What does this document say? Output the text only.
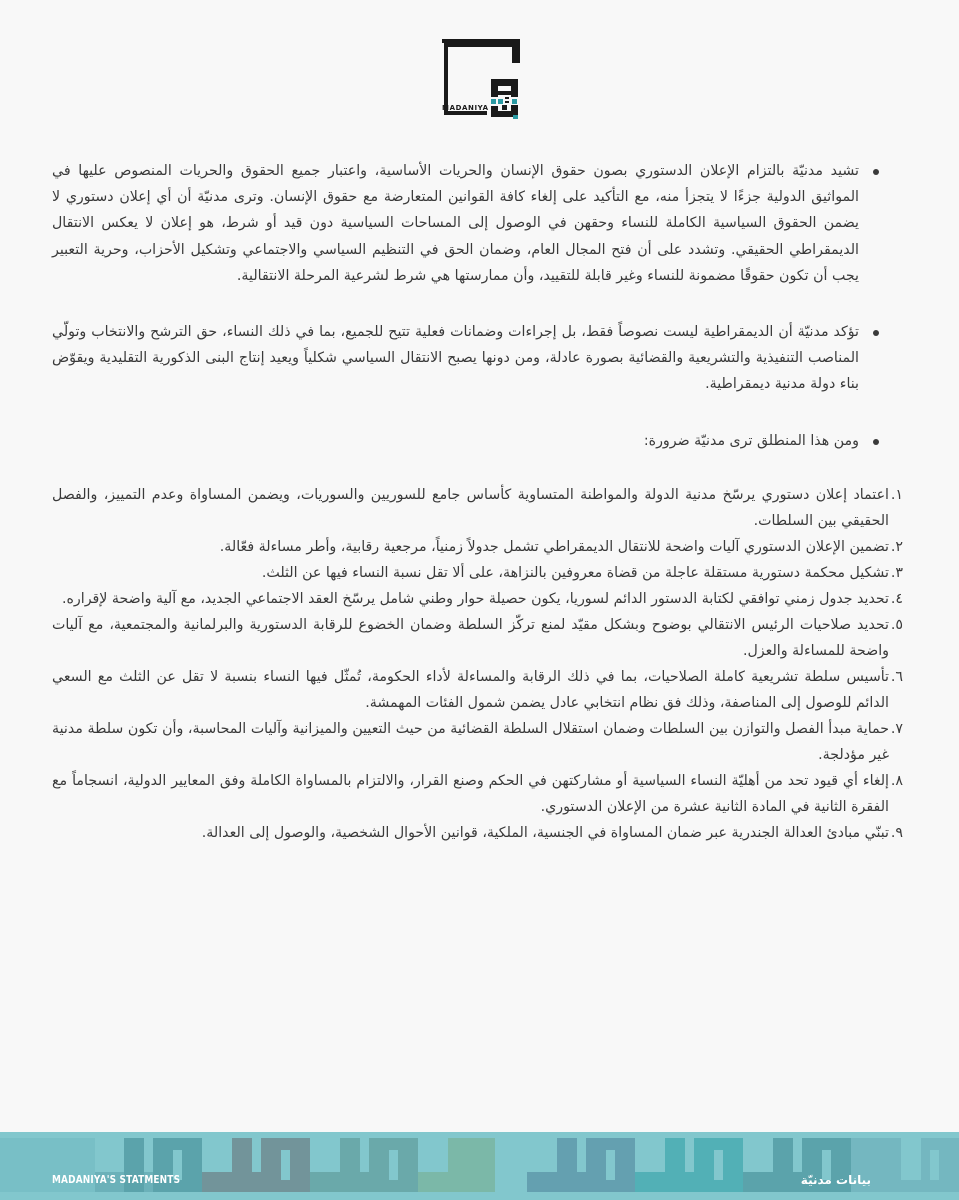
MADANIYA
تشيد مدنيّة بالتزام الإعلان الدستوري بصون حقوق الإنسان والحريات الأساسية، واعتبار جميع الحقوق والحريات المنصوص عليها في المواثيق الدولية جزءًا لا يتجزأ منه، مع التأكيد على إلغاء كافة القوانين المتعارضة مع حقوق الإنسان. وترى مدنيّة أن أي إعلان دستوري لا يضمن الحقوق السياسية الكاملة للنساء وحقهن في الوصول إلى المساحات السياسية دون قيد أو شرط، هو إعلان لا يعكس الانتقال الديمقراطي الحقيقي. وتشدد على أن فتح المجال العام، وضمان الحق في التنظيم السياسي والاجتماعي وتشكيل الأحزاب، وحرية التعبير يجب أن تكون حقوقًا مضمونة للنساء وغير قابلة للتقييد، وأن ممارستها هي شرط لشرعية المرحلة الانتقالية.
تؤكد مدنيّة أن الديمقراطية ليست نصوصاً فقط، بل إجراءات وضمانات فعلية تتيح للجميع، بما في ذلك النساء، حق الترشح والانتخاب وتولّي المناصب التنفيذية والتشريعية والقضائية بصورة عادلة، ومن دونها يصبح الانتقال السياسي شكلياً ويعيد إنتاج البنى الذكورية التقليدية ويقوّض بناء دولة مدنية ديمقراطية.
ومن هذا المنطلق ترى مدنيّة ضرورة:
١.
اعتماد إعلان دستوري يرسّخ مدنية الدولة والمواطنة المتساوية كأساس جامع للسوريين والسوريات، ويضمن المساواة وعدم التمييز، والفصل الحقيقي بين السلطات.
٢.
تضمين الإعلان الدستوري آليات واضحة للانتقال الديمقراطي تشمل جدولاً زمنياً، مرجعية رقابية، وأطر مساءلة فعّالة.
٣.
تشكيل محكمة دستورية مستقلة عاجلة من قضاة معروفين بالنزاهة، على ألا تقل نسبة النساء فيها عن الثلث.
٤.
تحديد جدول زمني توافقي لكتابة الدستور الدائم لسوريا، يكون حصيلة حوار وطني شامل يرسّخ العقد الاجتماعي الجديد، مع آلية واضحة لإقراره.
٥.
تحديد صلاحيات الرئيس الانتقالي بوضوح وبشكل مقيّد لمنع تركّز السلطة وضمان الخضوع للرقابة الدستورية والبرلمانية والمجتمعية، مع آليات واضحة للمساءلة والعزل.
٦.
تأسيس سلطة تشريعية كاملة الصلاحيات، بما في ذلك الرقابة والمساءلة لأداء الحكومة، تُمثّل فيها النساء بنسبة لا تقل عن الثلث مع السعي الدائم للوصول إلى المناصفة، وذلك فق نظام انتخابي عادل يضمن شمول الفئات المهمشة.
٧.
حماية مبدأ الفصل والتوازن بين السلطات وضمان استقلال السلطة القضائية من حيث التعيين والميزانية وآليات المحاسبة، وأن تكون سلطة مدنية غير مؤدلجة.
٨.
إلغاء أي قيود تحد من أهليّة النساء السياسية أو مشاركتهن في الحكم وصنع القرار، والالتزام بالمساواة الكاملة وفق المعايير الدولية، انسجاماً مع الفقرة الثانية في المادة الثانية عشرة من الإعلان الدستوري.
٩.
تبنّي مبادئ العدالة الجندرية عبر ضمان المساواة في الجنسية، الملكية، قوانين الأحوال الشخصية، والوصول إلى العدالة.
MADANIYA'S STATMENTS	بيانات مدنيّة
